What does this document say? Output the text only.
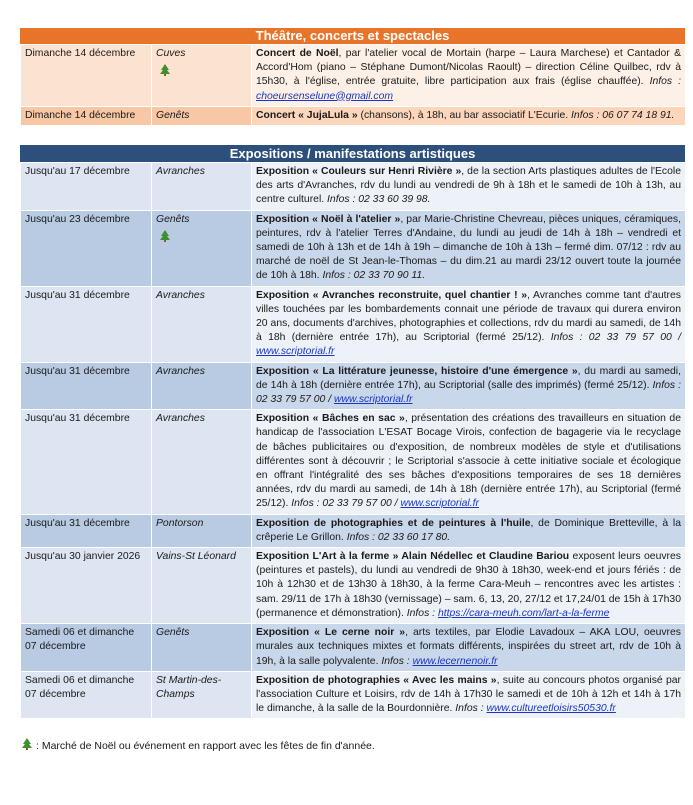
Théâtre, concerts et spectacles
Dimanche 14 décembre	Cuves	Concert de Noël, par l'atelier vocal de Mortain (harpe – Laura Marchese) et Cantador & Accord'Hom (piano – Stéphane Dumont/Nicolas Raoult) – direction Céline Quilbec, rdv à 15h30, à l'église, entrée gratuite, libre participation aux frais (église chauffée). Infos : choeursenselune@gmail.com
Dimanche 14 décembre	Genêts	Concert « JujaLula » (chansons), à 18h, au bar associatif L'Ecurie. Infos : 06 07 74 18 91.
Expositions / manifestations artistiques
Jusqu'au 17 décembre	Avranches	Exposition « Couleurs sur Henri Rivière », de la section Arts plastiques adultes de l'Ecole des arts d'Avranches, rdv du lundi au vendredi de 9h à 18h et le samedi de 10h à 13h, au centre culturel. Infos : 02 33 60 39 98.
Jusqu'au 23 décembre	Genêts	Exposition « Noël à l'atelier », par Marie-Christine Chevreau, pièces uniques, céramiques, peintures, rdv à l'atelier Terres d'Andaine, du lundi au jeudi de 14h à 18h – vendredi et samedi de 10h à 13h et de 14h à 19h – dimanche de 10h à 13h – fermé dim. 07/12 : rdv au marché de noël de St Jean-le-Thomas – du dim.21 au mardi 23/12 ouvert toute la journée de 10h à 18h. Infos : 02 33 70 90 11.
Jusqu'au 31 décembre	Avranches	Exposition « Avranches reconstruite, quel chantier ! », Avranches comme tant d'autres villes touchées par les bombardements connait une période de travaux qui durera environ 20 ans, documents d'archives, photographies et collections, rdv du mardi au samedi, de 14h à 18h (dernière entrée 17h), au Scriptorial (fermé 25/12). Infos : 02 33 79 57 00 / www.scriptorial.fr
Jusqu'au 31 décembre	Avranches	Exposition « La littérature jeunesse, histoire d'une émergence », du mardi au samedi, de 14h à 18h (dernière entrée 17h), au Scriptorial (salle des imprimés) (fermé 25/12). Infos : 02 33 79 57 00 / www.scriptorial.fr
Jusqu'au 31 décembre	Avranches	Exposition « Bâches en sac », présentation des créations des travailleurs en situation de handicap de l'association L'ESAT Bocage Virois, confection de bagagerie via le recyclage de bâches publicitaires ou d'exposition, de nombreux modèles de style et d'utilisations différentes sont à découvrir ; le Scriptorial s'associe à cette initiative sociale et écologique en offrant l'intégralité des ses bâches d'expositions temporaires de ses 18 dernières années, rdv du mardi au samedi, de 14h à 18h (dernière entrée 17h), au Scriptorial (fermé 25/12). Infos : 02 33 79 57 00 / www.scriptorial.fr
Jusqu'au 31 décembre	Pontorson	Exposition de photographies et de peintures à l'huile, de Dominique Bretteville, à la crêperie Le Grillon. Infos : 02 33 60 17 80.
Jusqu'au 30 janvier 2026	Vains-St Léonard	Exposition L'Art à la ferme » Alain Nédellec et Claudine Bariou exposent leurs oeuvres (peintures et pastels), du lundi au vendredi de 9h30 à 18h30, week-end et jours fériés : de 10h à 12h30 et de 13h30 à 18h30, à la ferme Cara-Meuh – rencontres avec les artistes : sam. 29/11 de 17h à 18h30 (vernissage) – sam. 6, 13, 20, 27/12 et 17,24/01 de 15h à 17h30 (permanence et démonstration). Infos : https://cara-meuh.com/lart-a-la-ferme
Samedi 06 et dimanche 07 décembre	Genêts	Exposition « Le cerne noir », arts textiles, par Elodie Lavadoux – AKA LOU, oeuvres murales aux techniques mixtes et formats différents, inspirées du street art, rdv de 10h à 19h, à la salle polyvalente. Infos : www.lecernenoir.fr
Samedi 06 et dimanche 07 décembre	St Martin-des-Champs	Exposition de photographies « Avec les mains », suite au concours photos organisé par l'association Culture et Loisirs, rdv de 14h à 17h30 le samedi et de 10h à 12h et 14h à 17h le dimanche, à la salle de la Bourdonnière. Infos : www.cultureetloisirs50530.fr
: Marché de Noël ou événement en rapport avec les fêtes de fin d'année.
